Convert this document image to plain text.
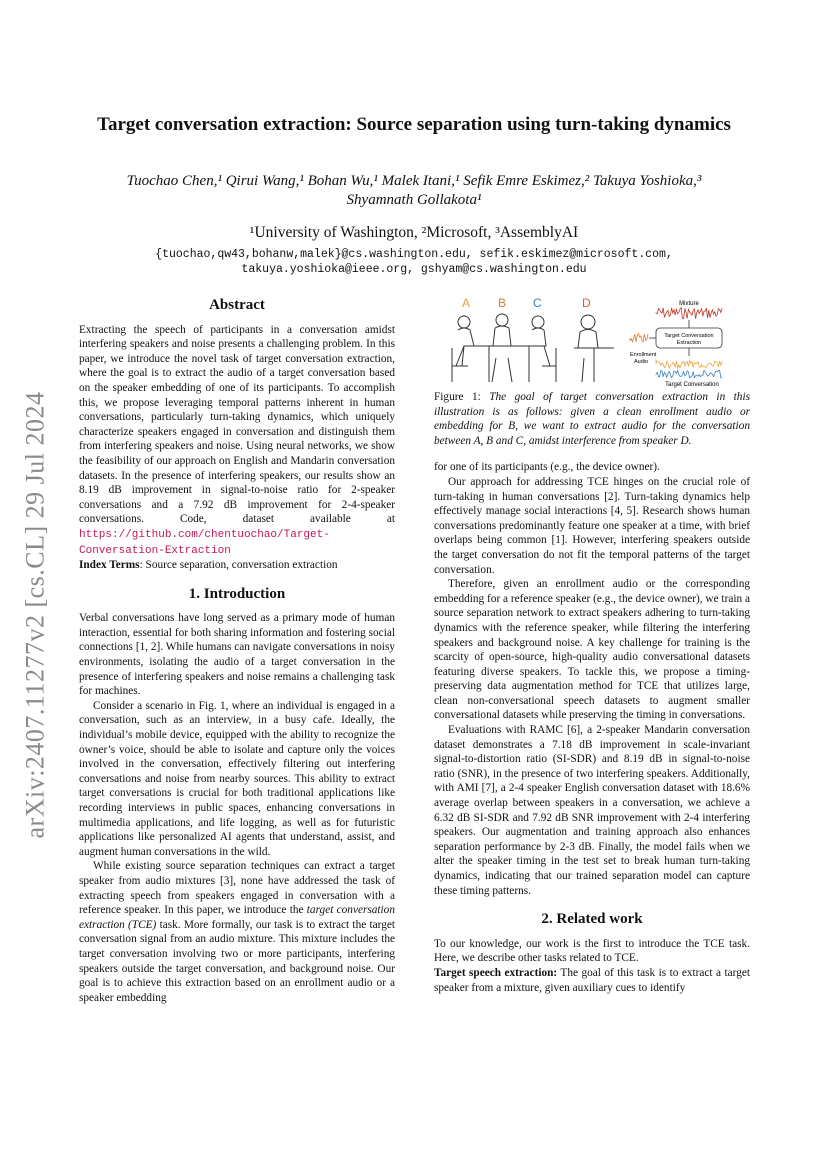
arXiv:2407.11277v2 [cs.CL] 29 Jul 2024
Target conversation extraction: Source separation using turn-taking dynamics
Tuochao Chen,¹ Qirui Wang,¹ Bohan Wu,¹ Malek Itani,¹ Sefik Emre Eskimez,² Takuya Yoshioka,³
Shyamnath Gollakota¹
¹University of Washington, ²Microsoft, ³AssemblyAI
{tuochao,qw43,bohanw,malek}@cs.washington.edu, sefik.eskimez@microsoft.com,
takuya.yoshioka@ieee.org, gshyam@cs.washington.edu
Abstract

Extracting the speech of participants in a conversation amidst interfering speakers and noise presents a challenging problem. In this paper, we introduce the novel task of target conversation extraction, where the goal is to extract the audio of a target conversation based on the speaker embedding of one of its participants. To accomplish this, we propose leveraging temporal patterns inherent in human conversations, particularly turn-taking dynamics, which uniquely characterize speakers engaged in conversation and distinguish them from interfering speakers and noise. Using neural networks, we show the feasibility of our approach on English and Mandarin conversation datasets. In the presence of interfering speakers, our results show an 8.19 dB improvement in signal-to-noise ratio for 2-speaker conversations and a 7.92 dB improvement for 2-4-speaker conversations. Code, dataset available at https://github.com/chentuochao/Target-Conversation-Extraction

Index Terms: Source separation, conversation extraction

1. Introduction

Verbal conversations have long served as a primary mode of human interaction, essential for both sharing information and fostering social connections [1, 2]. While humans can navigate conversations in noisy environments, isolating the audio of a target conversation in the presence of interfering speakers and noise remains a challenging task for machines.

Consider a scenario in Fig. 1, where an individual is engaged in a conversation, such as an interview, in a busy cafe. Ideally, the individual’s mobile device, equipped with the ability to recognize the owner’s voice, should be able to isolate and capture only the voices involved in the conversation, effectively filtering out interfering conversations and noise from nearby sources. This ability to extract target conversations is crucial for both traditional applications like recording interviews in public spaces, enhancing conversations in multimedia applications, and life logging, as well as for futuristic applications like personalized AI agents that understand, assist, and augment human conversations in the wild.

While existing source separation techniques can extract a target speaker from audio mixtures [3], none have addressed the task of extracting speech from speakers engaged in conversation with a reference speaker. In this paper, we introduce the target conversation extraction (TCE) task. More formally, our task is to extract the target conversation signal from an audio mixture. This mixture includes the target conversation involving two or more participants, interfering speakers outside the target conversation, and background noise. Our goal is to achieve this extraction based on an enrollment audio or a speaker embedding

A B C	D	Mixture
Target Conversation
Extraction
Enrollment
Audio
Target Conversation

Figure 1: The goal of target conversation extraction in this illustration is as follows: given a clean enrollment audio or embedding for B, we want to extract audio for the conversation between A, B and C, amidst interference from speaker D.

for one of its participants (e.g., the device owner).

Our approach for addressing TCE hinges on the crucial role of turn-taking in human conversations [2]. Turn-taking dynamics help effectively manage social interactions [4, 5]. Research shows human conversations predominantly feature one speaker at a time, with brief overlaps being common [1]. However, interfering speakers outside the target conversation do not fit the temporal patterns of the target conversation.

Therefore, given an enrollment audio or the corresponding embedding for a reference speaker (e.g., the device owner), we train a source separation network to extract speakers adhering to turn-taking dynamics with the reference speaker, while filtering the interfering speakers and background noise. A key challenge for training is the scarcity of open-source, high-quality audio conversational datasets featuring diverse speakers. To tackle this, we propose a timing-preserving data augmentation method for TCE that utilizes large, clean non-conversational speech datasets to augment smaller conversational datasets while preserving the timing in conversations.

Evaluations with RAMC [6], a 2-speaker Mandarin conversation dataset demonstrates a 7.18 dB improvement in scale-invariant signal-to-distortion ratio (SI-SDR) and 8.19 dB in signal-to-noise ratio (SNR), in the presence of two interfering speakers. Additionally, with AMI [7], a 2-4 speaker English conversation dataset with 18.6% average overlap between speakers in a conversation, we achieve a 6.32 dB SI-SDR and 7.92 dB SNR improvement with 2-4 interfering speakers. Our augmentation and training approach also enhances separation performance by 2-3 dB. Finally, the model fails when we alter the speaker timing in the test set to break human turn-taking dynamics, indicating that our trained separation model can capture these timing patterns.

2. Related work

To our knowledge, our work is the first to introduce the TCE task. Here, we describe other tasks related to TCE.

Target speech extraction: The goal of this task is to extract a target speaker from a mixture, given auxiliary cues to identify
